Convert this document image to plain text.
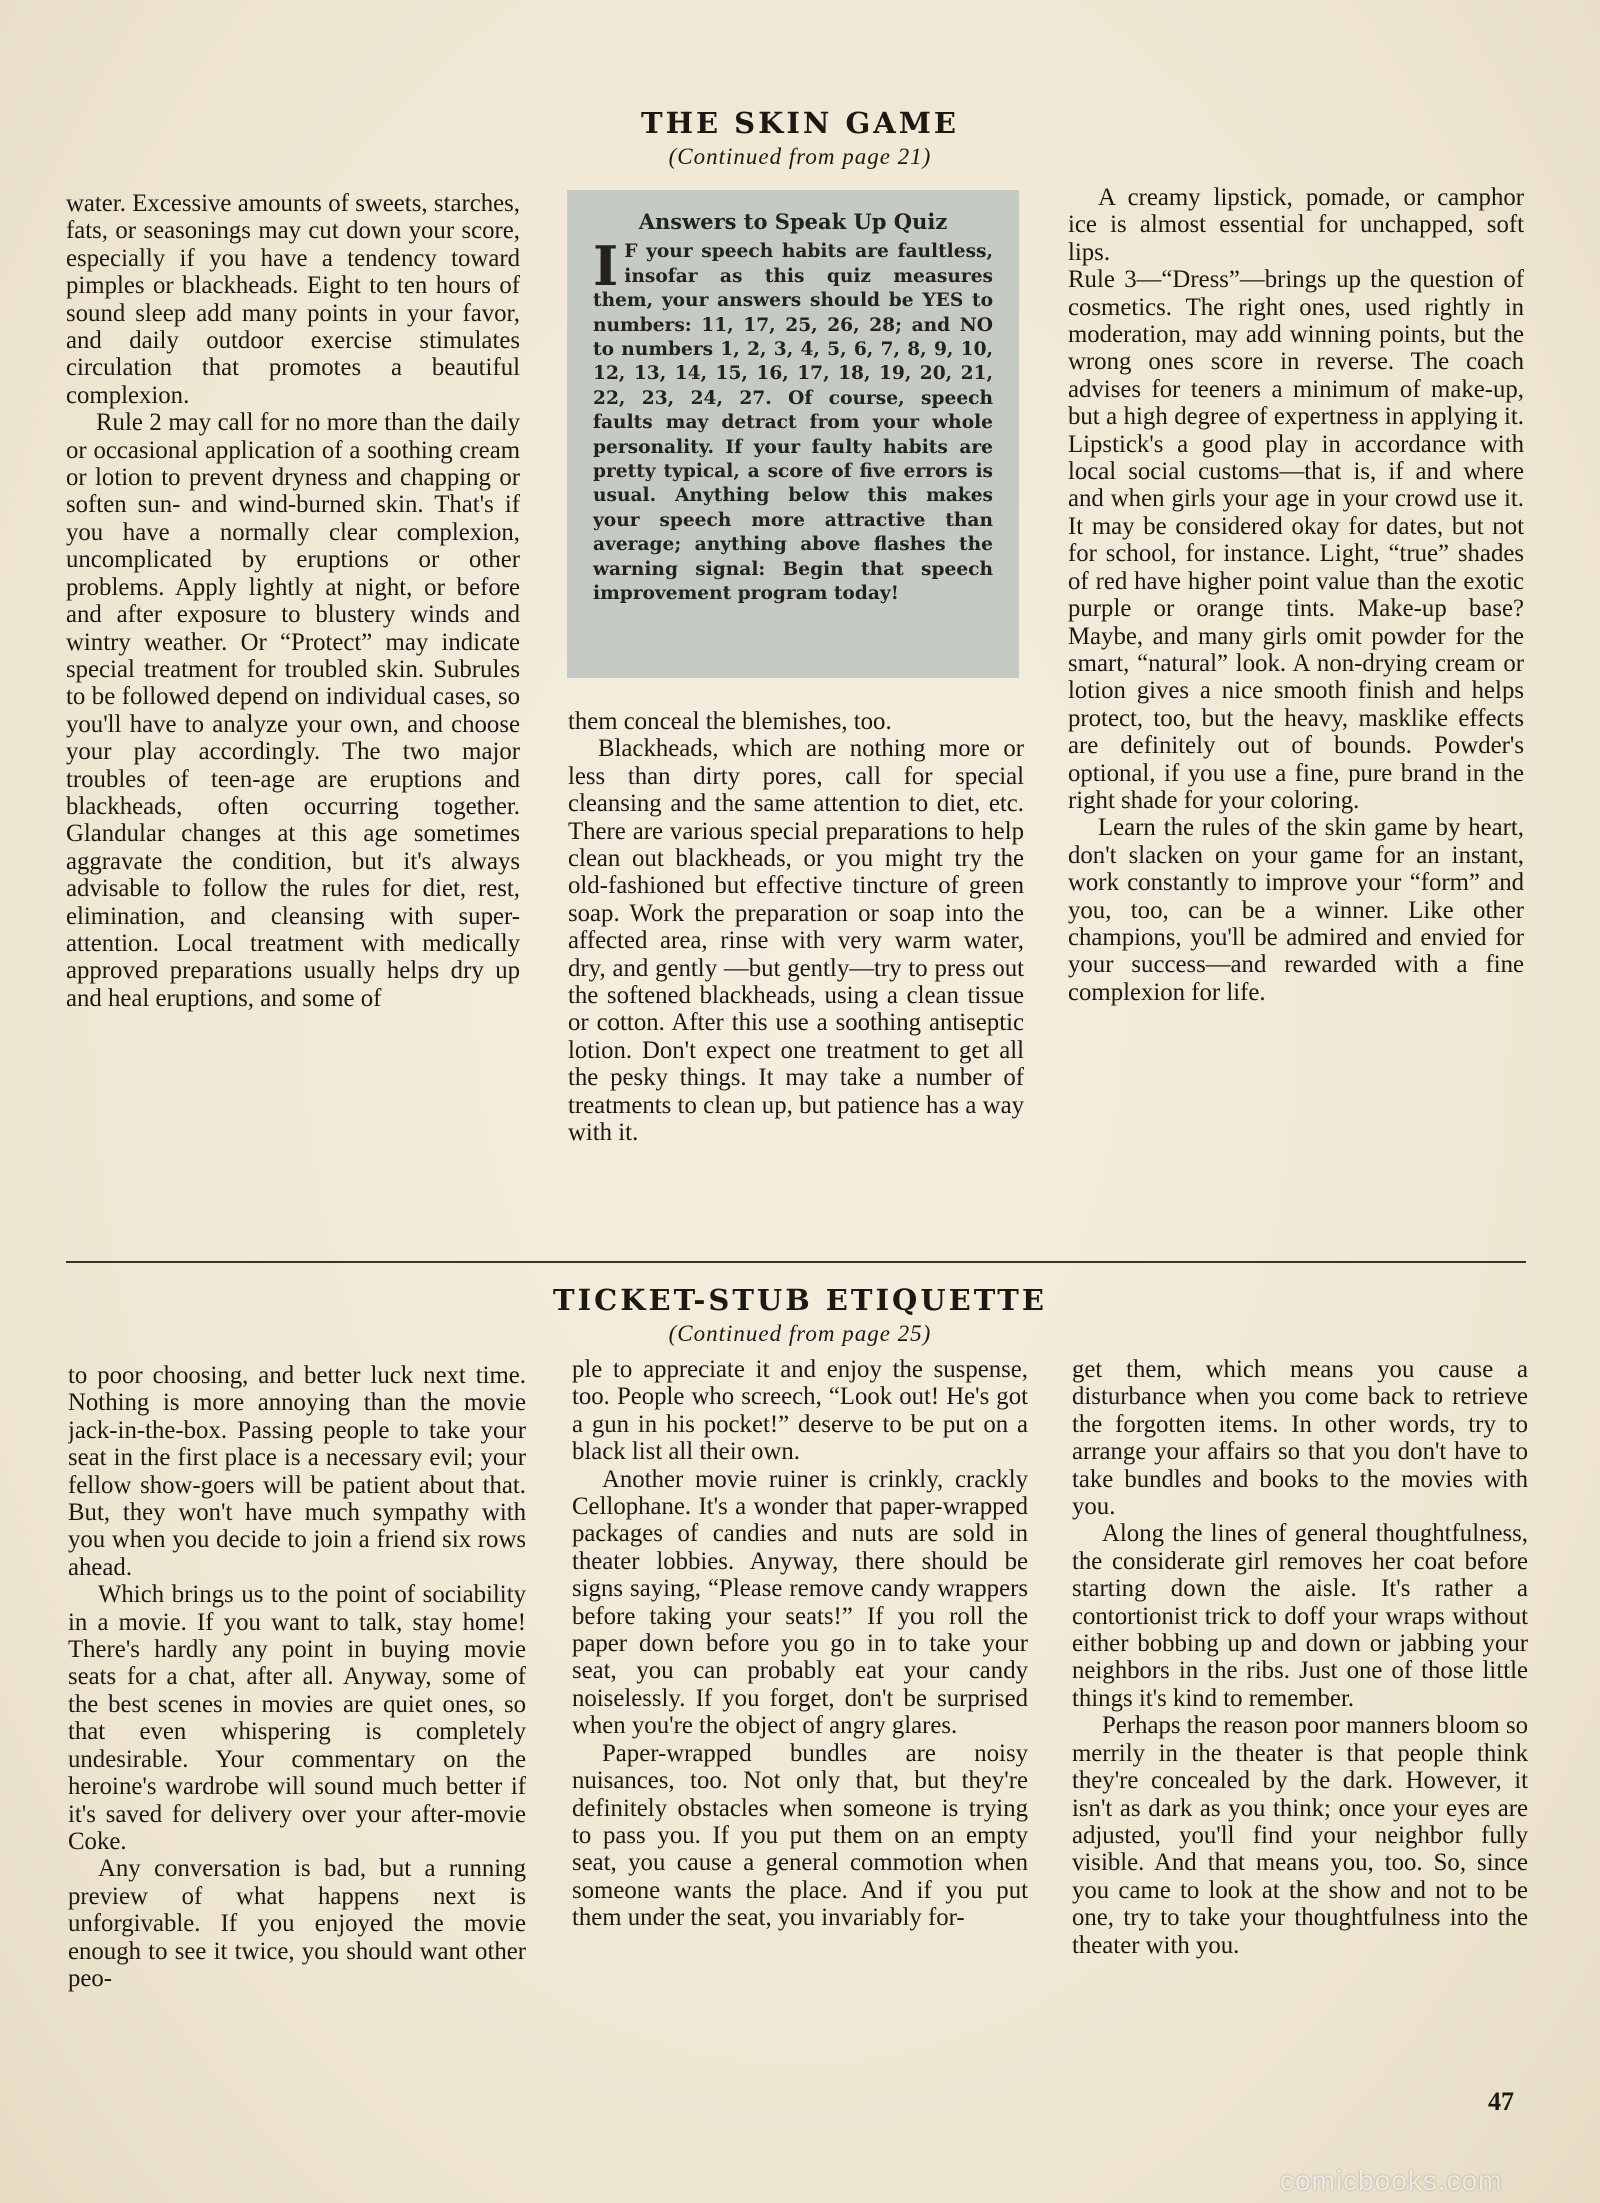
THE SKIN GAME
(Continued from page 21)

water. Excessive amounts of sweets, starches, fats, or seasonings may cut down your score, especially if you have a tendency toward pimples or blackheads. Eight to ten hours of sound sleep add many points in your favor, and daily outdoor exercise stimulates circulation that promotes a beautiful complexion.

Rule 2 may call for no more than the daily or occasional application of a soothing cream or lotion to prevent dryness and chapping or soften sun- and wind-burned skin. That's if you have a normally clear complexion, uncomplicated by eruptions or other problems. Apply lightly at night, or before and after exposure to blustery winds and wintry weather. Or “Protect” may indicate special treatment for troubled skin. Subrules to be followed depend on individual cases, so you'll have to analyze your own, and choose your play accordingly. The two major troubles of teen-age are eruptions and blackheads, often occurring together. Glandular changes at this age sometimes aggravate the condition, but it's always advisable to follow the rules for diet, rest, elimination, and cleansing with super-attention. Local treatment with medically approved preparations usually helps dry up and heal eruptions, and some of

Answers to Speak Up Quiz
I F your speech habits are faultless, insofar as this quiz measures them, your answers should be YES to numbers: 11, 17, 25, 26, 28; and NO to numbers 1, 2, 3, 4, 5, 6, 7, 8, 9, 10, 12, 13, 14, 15, 16, 17, 18, 19, 20, 21, 22, 23, 24, 27. Of course, speech faults may detract from your whole personality. If your faulty habits are pretty typical, a score of five errors is usual. Anything below this makes your speech more attractive than average; anything above flashes the warning signal: Begin that speech improvement program today!

them conceal the blemishes, too.

Blackheads, which are nothing more or less than dirty pores, call for special cleansing and the same attention to diet, etc. There are various special preparations to help clean out blackheads, or you might try the old-fashioned but effective tincture of green soap. Work the preparation or soap into the affected area, rinse with very warm water, dry, and gently —but gently—try to press out the softened blackheads, using a clean tissue or cotton. After this use a soothing antiseptic lotion. Don't expect one treatment to get all the pesky things. It may take a number of treatments to clean up, but patience has a way with it.

A creamy lipstick, pomade, or camphor ice is almost essential for unchapped, soft lips.

Rule 3—“Dress”—brings up the question of cosmetics. The right ones, used rightly in moderation, may add winning points, but the wrong ones score in reverse. The coach advises for teeners a minimum of make-up, but a high degree of expertness in applying it. Lipstick's a good play in accordance with local social customs—that is, if and where and when girls your age in your crowd use it. It may be considered okay for dates, but not for school, for instance. Light, “true” shades of red have higher point value than the exotic purple or orange tints. Make-up base? Maybe, and many girls omit powder for the smart, “natural” look. A non-drying cream or lotion gives a nice smooth finish and helps protect, too, but the heavy, masklike effects are definitely out of bounds. Powder's optional, if you use a fine, pure brand in the right shade for your coloring.

Learn the rules of the skin game by heart, don't slacken on your game for an instant, work constantly to improve your “form” and you, too, can be a winner. Like other champions, you'll be admired and envied for your success—and rewarded with a fine complexion for life.

TICKET-STUB ETIQUETTE
(Continued from page 25)

to poor choosing, and better luck next time. Nothing is more annoying than the movie jack-in-the-box. Passing people to take your seat in the first place is a necessary evil; your fellow show-goers will be patient about that. But, they won't have much sympathy with you when you decide to join a friend six rows ahead.

Which brings us to the point of sociability in a movie. If you want to talk, stay home! There's hardly any point in buying movie seats for a chat, after all. Anyway, some of the best scenes in movies are quiet ones, so that even whispering is completely undesirable. Your commentary on the heroine's wardrobe will sound much better if it's saved for delivery over your after-movie Coke.

Any conversation is bad, but a running preview of what happens next is unforgivable. If you enjoyed the movie enough to see it twice, you should want other peo-

ple to appreciate it and enjoy the suspense, too. People who screech, “Look out! He's got a gun in his pocket!” deserve to be put on a black list all their own.

Another movie ruiner is crinkly, crackly Cellophane. It's a wonder that paper-wrapped packages of candies and nuts are sold in theater lobbies. Anyway, there should be signs saying, “Please remove candy wrappers before taking your seats!” If you roll the paper down before you go in to take your seat, you can probably eat your candy noiselessly. If you forget, don't be surprised when you're the object of angry glares.

Paper-wrapped bundles are noisy nuisances, too. Not only that, but they're definitely obstacles when someone is trying to pass you. If you put them on an empty seat, you cause a general commotion when someone wants the place. And if you put them under the seat, you invariably for-

get them, which means you cause a disturbance when you come back to retrieve the forgotten items. In other words, try to arrange your affairs so that you don't have to take bundles and books to the movies with you.

Along the lines of general thoughtfulness, the considerate girl removes her coat before starting down the aisle. It's rather a contortionist trick to doff your wraps without either bobbing up and down or jabbing your neighbors in the ribs. Just one of those little things it's kind to remember.

Perhaps the reason poor manners bloom so merrily in the theater is that people think they're concealed by the dark. However, it isn't as dark as you think; once your eyes are adjusted, you'll find your neighbor fully visible. And that means you, too. So, since you came to look at the show and not to be one, try to take your thoughtfulness into the theater with you.

47
comicbooks.com
